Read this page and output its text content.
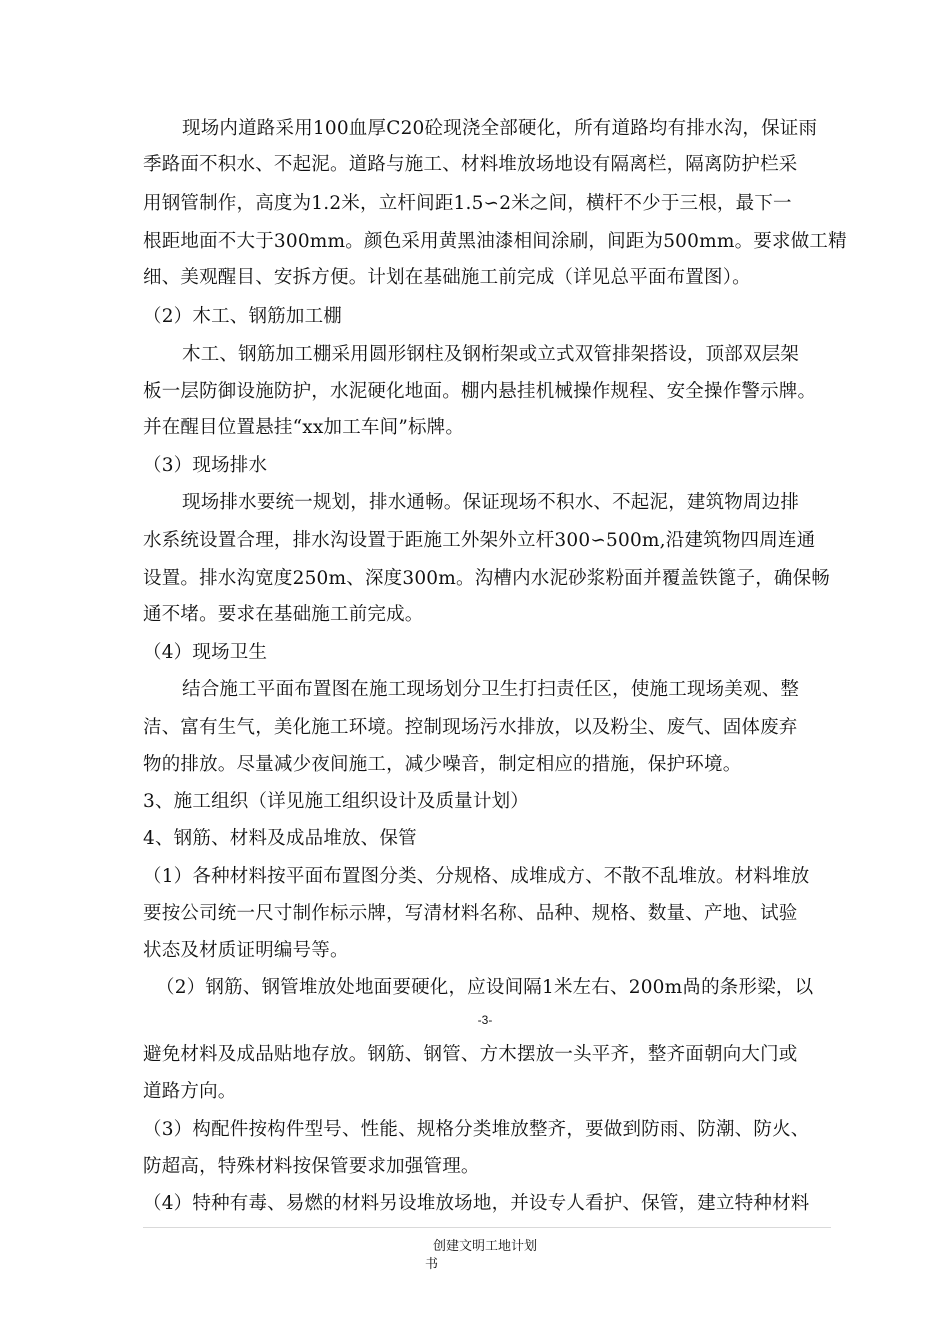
现场内道路采用100血厚C20砼现浇全部硬化，所有道路均有排水沟，保证雨
季路面不积水、不起泥。道路与施工、材料堆放场地设有隔离栏，隔离防护栏采
用钢管制作，高度为1.2米，立杆间距1.5∽2米之间，横杆不少于三根，最下一
根距地面不大于300mm。颜色采用黄黑油漆相间涂刷，间距为500mm。要求做工精
细、美观醒目、安拆方便。计划在基础施工前完成（详见总平面布置图）。
（2）木工、钢筋加工棚
木工、钢筋加工棚采用圆形钢柱及钢桁架或立式双管排架搭设，顶部双层架
板一层防御设施防护，水泥硬化地面。棚内悬挂机械操作规程、安全操作警示牌。
并在醒目位置悬挂“xx加工车间”标牌。
（3）现场排水
现场排水要统一规划，排水通畅。保证现场不积水、不起泥，建筑物周边排
水系统设置合理，排水沟设置于距施工外架外立杆300∽500m,沿建筑物四周连通
设置。排水沟宽度250m、深度300m。沟槽内水泥砂浆粉面并覆盖铁篦子，确保畅
通不堵。要求在基础施工前完成。
（4）现场卫生
结合施工平面布置图在施工现场划分卫生打扫责任区，使施工现场美观、整
洁、富有生气，美化施工环境。控制现场污水排放，以及粉尘、废气、固体废弃
物的排放。尽量减少夜间施工，减少噪音，制定相应的措施，保护环境。
3、施工组织（详见施工组织设计及质量计划）
4、钢筋、材料及成品堆放、保管
（1）各种材料按平面布置图分类、分规格、成堆成方、不散不乱堆放。材料堆放
要按公司统一尺寸制作标示牌，写清材料名称、品种、规格、数量、产地、试验
状态及材质证明编号等。
（2）钢筋、钢管堆放处地面要硬化，应设间隔1米左右、200m咼的条形梁，以
-3-
避免材料及成品贴地存放。钢筋、钢管、方木摆放一头平齐，整齐面朝向大门或
道路方向。
（3）构配件按构件型号、性能、规格分类堆放整齐，要做到防雨、防潮、防火、
防超高，特殊材料按保管要求加强管理。
（4）特种有毒、易燃的材料另设堆放场地，并设专人看护、保管，建立特种材料
创建文明工地计划
书
